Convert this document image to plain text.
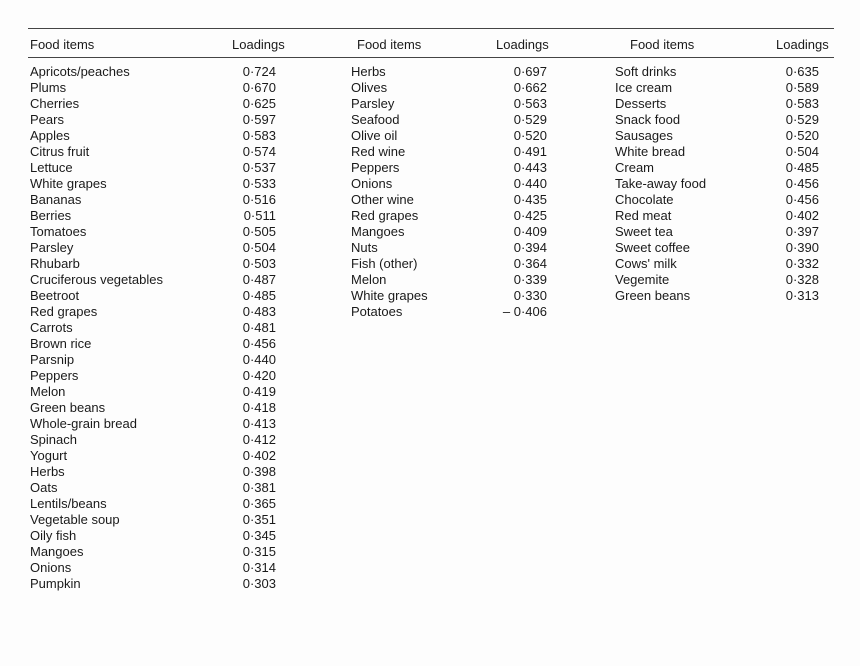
Food items	Loadings
Apricots/peaches	0·724
Plums	0·670
Cherries	0·625
Pears	0·597
Apples	0·583
Citrus fruit	0·574
Lettuce	0·537
White grapes	0·533
Bananas	0·516
Berries	0·511
Tomatoes	0·505
Parsley	0·504
Rhubarb	0·503
Cruciferous vegetables	0·487
Beetroot	0·485
Red grapes	0·483
Carrots	0·481
Brown rice	0·456
Parsnip	0·440
Peppers	0·420
Melon	0·419
Green beans	0·418
Whole-grain bread	0·413
Spinach	0·412
Yogurt	0·402
Herbs	0·398
Oats	0·381
Lentils/beans	0·365
Vegetable soup	0·351
Oily fish	0·345
Mangoes	0·315
Onions	0·314
Pumpkin	0·303
Food items	Loadings
Herbs	0·697
Olives	0·662
Parsley	0·563
Seafood	0·529
Olive oil	0·520
Red wine	0·491
Peppers	0·443
Onions	0·440
Other wine	0·435
Red grapes	0·425
Mangoes	0·409
Nuts	0·394
Fish (other)	0·364
Melon	0·339
White grapes	0·330
Potatoes	– 0·406
Food items	Loadings
Soft drinks	0·635
Ice cream	0·589
Desserts	0·583
Snack food	0·529
Sausages	0·520
White bread	0·504
Cream	0·485
Take-away food	0·456
Chocolate	0·456
Red meat	0·402
Sweet tea	0·397
Sweet coffee	0·390
Cows' milk	0·332
Vegemite	0·328
Green beans	0·313
